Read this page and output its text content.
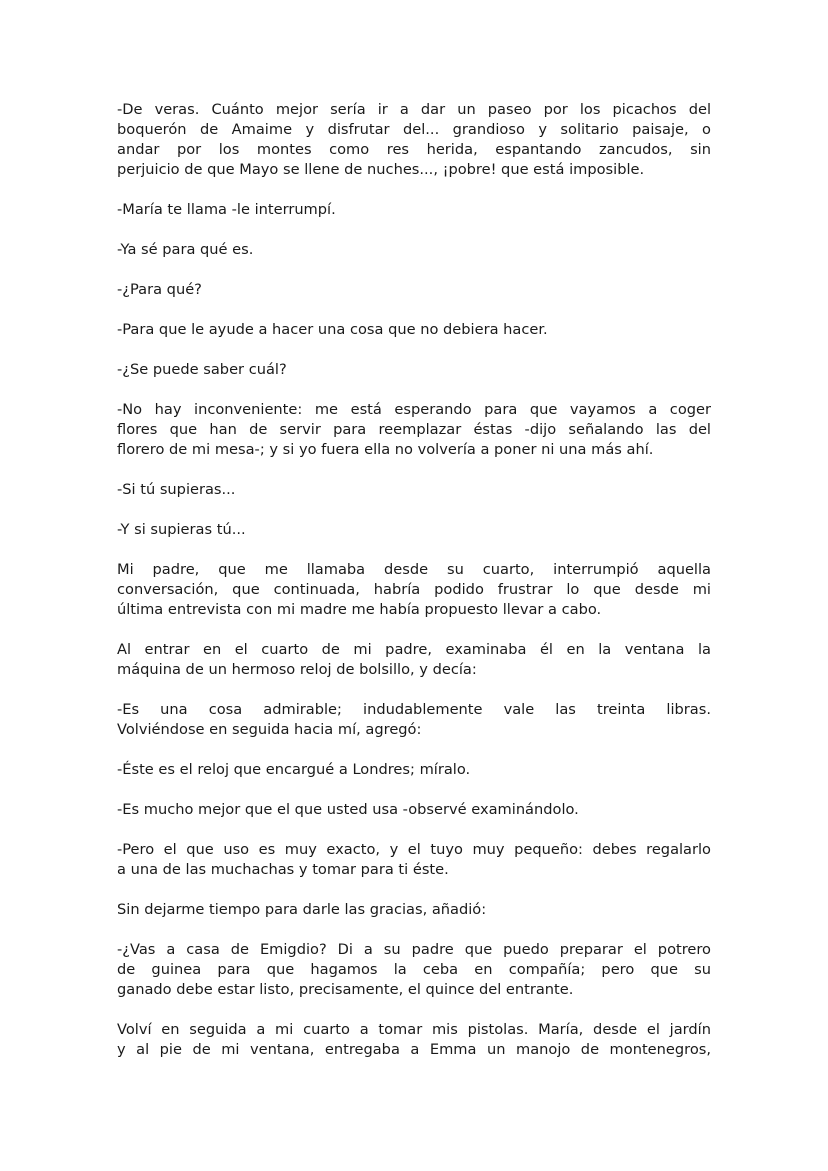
-De veras. Cuánto mejor sería ir a dar un paseo por los picachos del
boquerón de Amaime y disfrutar del... grandioso y solitario paisaje, o
andar por los montes como res herida, espantando zancudos, sin
perjuicio de que Mayo se llene de nuches..., ¡pobre! que está imposible.
-María te llama -le interrumpí.
-Ya sé para qué es.
-¿Para qué?
-Para que le ayude a hacer una cosa que no debiera hacer.
-¿Se puede saber cuál?
-No hay inconveniente: me está esperando para que vayamos a coger
flores que han de servir para reemplazar éstas -dijo señalando las del
florero de mi mesa-; y si yo fuera ella no volvería a poner ni una más ahí.
-Si tú supieras...
-Y si supieras tú...
Mi padre, que me llamaba desde su cuarto, interrumpió aquella
conversación, que continuada, habría podido frustrar lo que desde mi
última entrevista con mi madre me había propuesto llevar a cabo.
Al entrar en el cuarto de mi padre, examinaba él en la ventana la
máquina de un hermoso reloj de bolsillo, y decía:
-Es una cosa admirable; indudablemente vale las treinta libras.
Volviéndose en seguida hacia mí, agregó:
-Éste es el reloj que encargué a Londres; míralo.
-Es mucho mejor que el que usted usa -observé examinándolo.
-Pero el que uso es muy exacto, y el tuyo muy pequeño: debes regalarlo
a una de las muchachas y tomar para ti éste.
Sin dejarme tiempo para darle las gracias, añadió:
-¿Vas a casa de Emigdio? Di a su padre que puedo preparar el potrero
de guinea para que hagamos la ceba en compañía; pero que su
ganado debe estar listo, precisamente, el quince del entrante.
Volví en seguida a mi cuarto a tomar mis pistolas. María, desde el jardín
y al pie de mi ventana, entregaba a Emma un manojo de montenegros,
